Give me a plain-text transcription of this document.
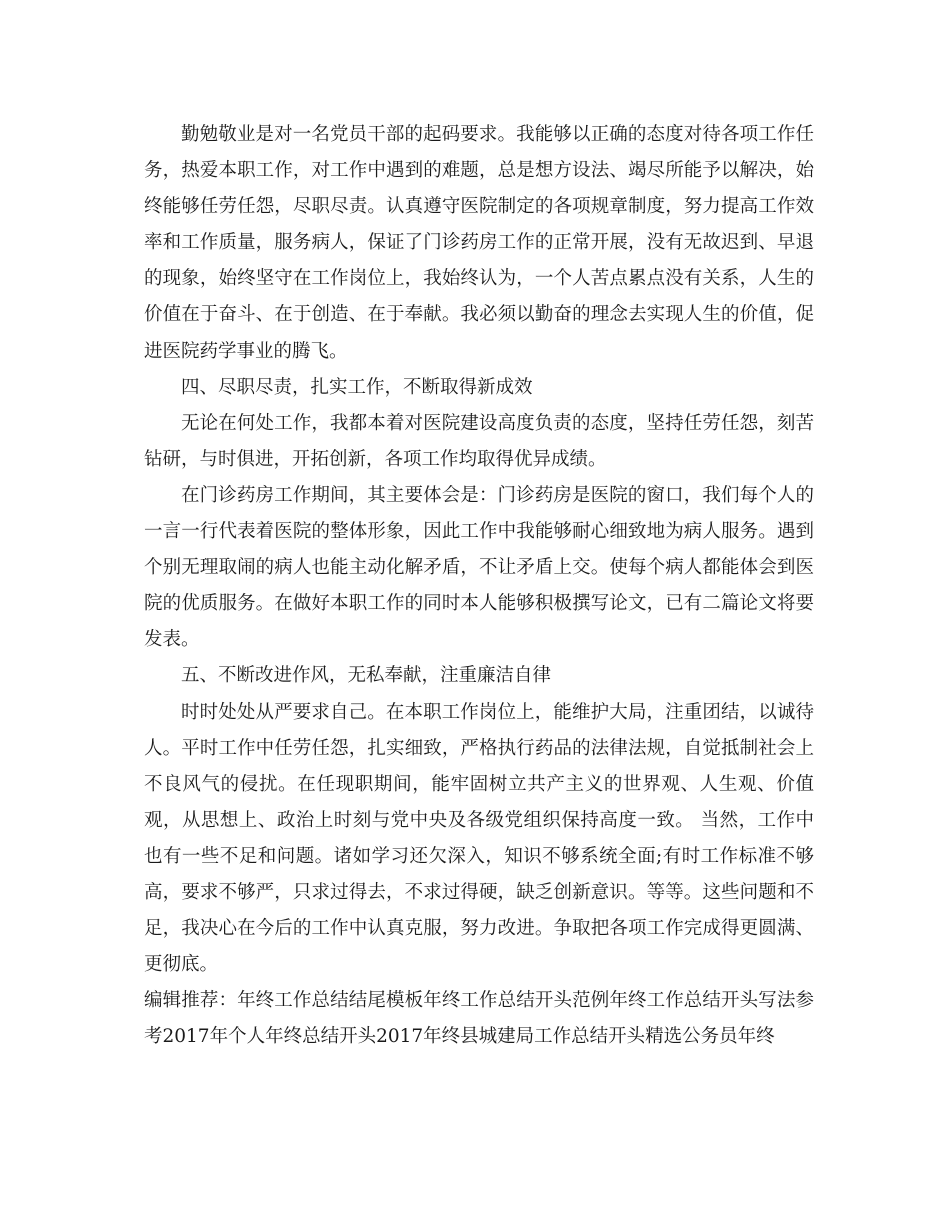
勤勉敬业是对一名党员干部的起码要求。我能够以正确的态度对待各项工作任务，热爱本职工作，对工作中遇到的难题，总是想方设法、竭尽所能予以解决，始终能够任劳任怨，尽职尽责。认真遵守医院制定的各项规章制度，努力提高工作效率和工作质量，服务病人，保证了门诊药房工作的正常开展，没有无故迟到、早退的现象，始终坚守在工作岗位上，我始终认为，一个人苦点累点没有关系，人生的价值在于奋斗、在于创造、在于奉献。我必须以勤奋的理念去实现人生的价值，促进医院药学事业的腾飞。

四、尽职尽责，扎实工作，不断取得新成效

无论在何处工作，我都本着对医院建设高度负责的态度，坚持任劳任怨，刻苦钻研，与时俱进，开拓创新，各项工作均取得优异成绩。

在门诊药房工作期间，其主要体会是：门诊药房是医院的窗口，我们每个人的一言一行代表着医院的整体形象，因此工作中我能够耐心细致地为病人服务。遇到个别无理取闹的病人也能主动化解矛盾，不让矛盾上交。使每个病人都能体会到医院的优质服务。在做好本职工作的同时本人能够积极撰写论文，已有二篇论文将要发表。

五、不断改进作风，无私奉献，注重廉洁自律

时时处处从严要求自己。在本职工作岗位上，能维护大局，注重团结，以诚待人。平时工作中任劳任怨，扎实细致，严格执行药品的法律法规，自觉抵制社会上不良风气的侵扰。在任现职期间，能牢固树立共产主义的世界观、人生观、价值观，从思想上、政治上时刻与党中央及各级党组织保持高度一致。 当然，工作中也有一些不足和问题。诸如学习还欠深入，知识不够系统全面;有时工作标准不够高，要求不够严，只求过得去，不求过得硬，缺乏创新意识。等等。这些问题和不足，我决心在今后的工作中认真克服，努力改进。争取把各项工作完成得更圆满、更彻底。

编辑推荐：年终工作总结结尾模板年终工作总结开头范例年终工作总结开头写法参考2017年个人年终总结开头2017年终县城建局工作总结开头精选公务员年终
